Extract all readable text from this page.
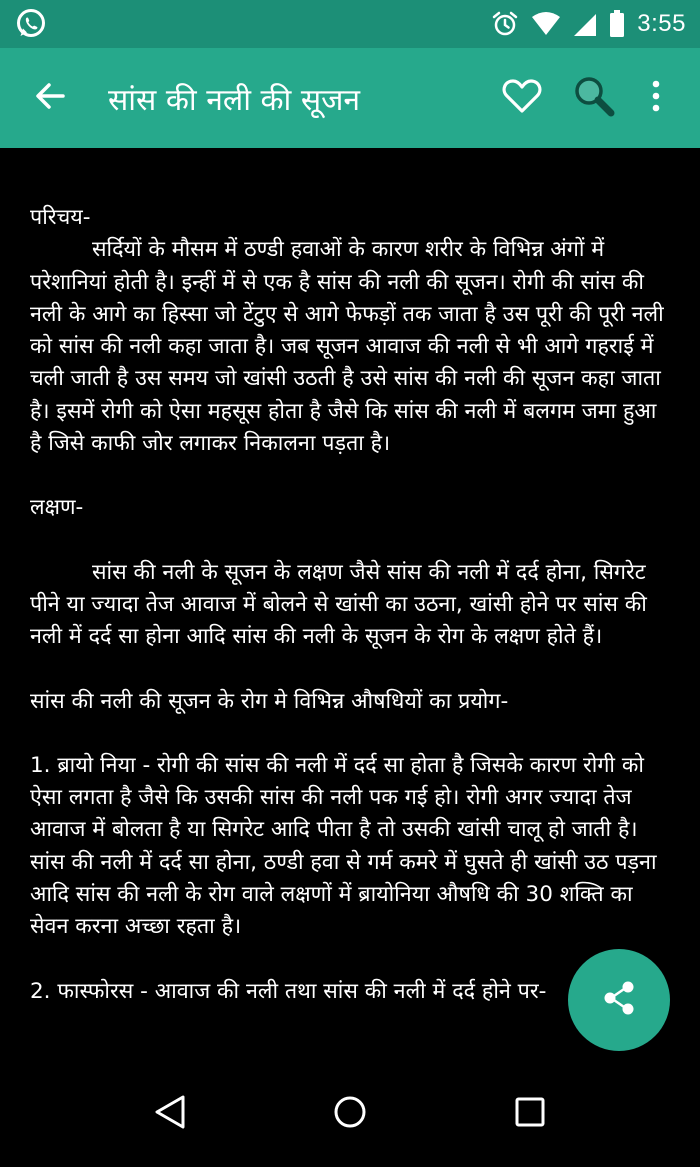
3:55
सांस की नली की सूजन

परिचय-

सर्दियों के मौसम में ठण्डी हवाओं के कारण शरीर के विभिन्न अंगों में परेशानियां होती है। इन्हीं में से एक है सांस की नली की सूजन। रोगी की सांस की नली के आगे का हिस्सा जो टेंटुए से आगे फेफड़ों तक जाता है उस पूरी की पूरी नली को सांस की नली कहा जाता है। जब सूजन आवाज की नली से भी आगे गहराई में चली जाती है उस समय जो खांसी उठती है उसे सांस की नली की सूजन कहा जाता है। इसमें रोगी को ऐसा महसूस होता है जैसे कि सांस की नली में बलगम जमा हुआ है जिसे काफी जोर लगाकर निकालना पड़ता है।

लक्षण-

सांस की नली के सूजन के लक्षण जैसे सांस की नली में दर्द होना, सिगरेट पीने या ज्यादा तेज आवाज में बोलने से खांसी का उठना, खांसी होने पर सांस की नली में दर्द सा होना आदि सांस की नली के सूजन के रोग के लक्षण होते हैं।

सांस की नली की सूजन के रोग मे विभिन्न औषधियों का प्रयोग-

1. ब्रायो निया - रोगी की सांस की नली में दर्द सा होता है जिसके कारण रोगी को ऐसा लगता है जैसे कि उसकी सांस की नली पक गई हो। रोगी अगर ज्यादा तेज आवाज में बोलता है या सिगरेट आदि पीता है तो उसकी खांसी चालू हो जाती है। सांस की नली में दर्द सा होना, ठण्डी हवा से गर्म कमरे में घुसते ही खांसी उठ पड़ना आदि सांस की नली के रोग वाले लक्षणों में ब्रायोनिया औषधि की 30 शक्ति का सेवन करना अच्छा रहता है।

2. फास्फोरस - आवाज की नली तथा सांस की नली में दर्द होने पर-
